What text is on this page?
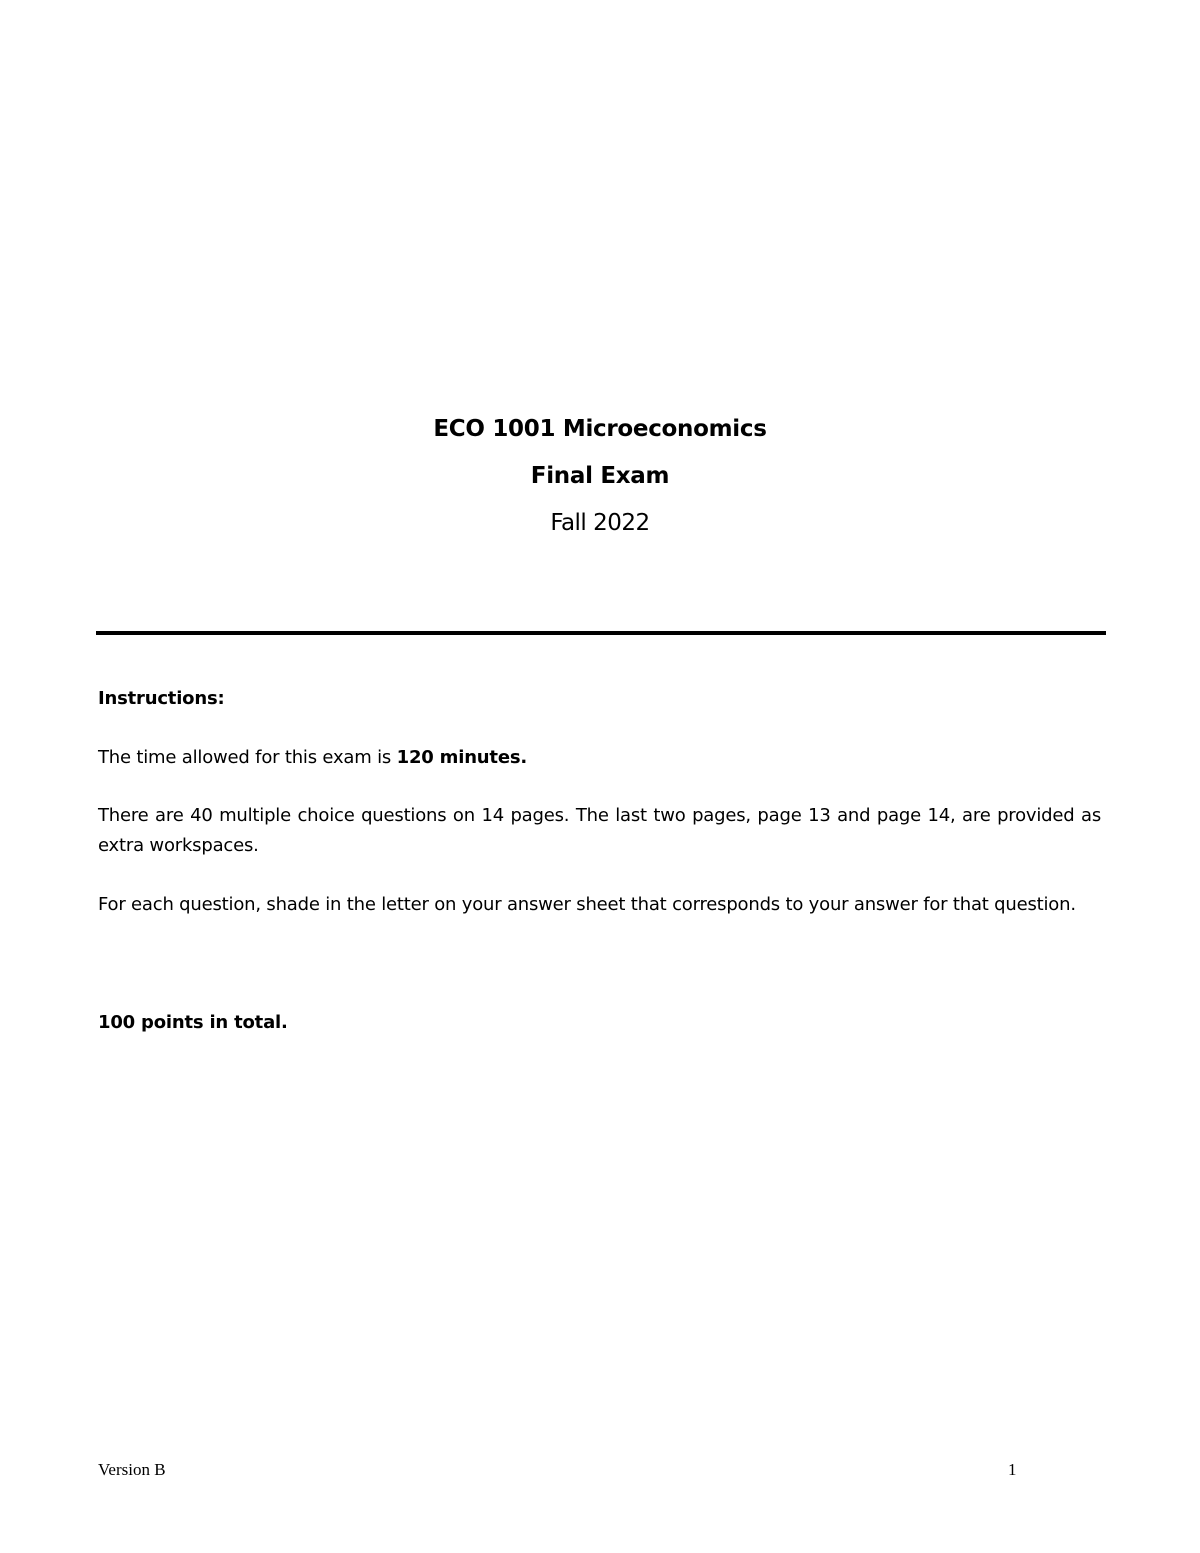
ECO 1001 Microeconomics
Final Exam
Fall 2022
Instructions:
The time allowed for this exam is 120 minutes.
There are 40 multiple choice questions on 14 pages. The last two pages, page 13 and page 14, are provided as extra workspaces.
For each question, shade in the letter on your answer sheet that corresponds to your answer for that question.
100 points in total.
Version B	1
